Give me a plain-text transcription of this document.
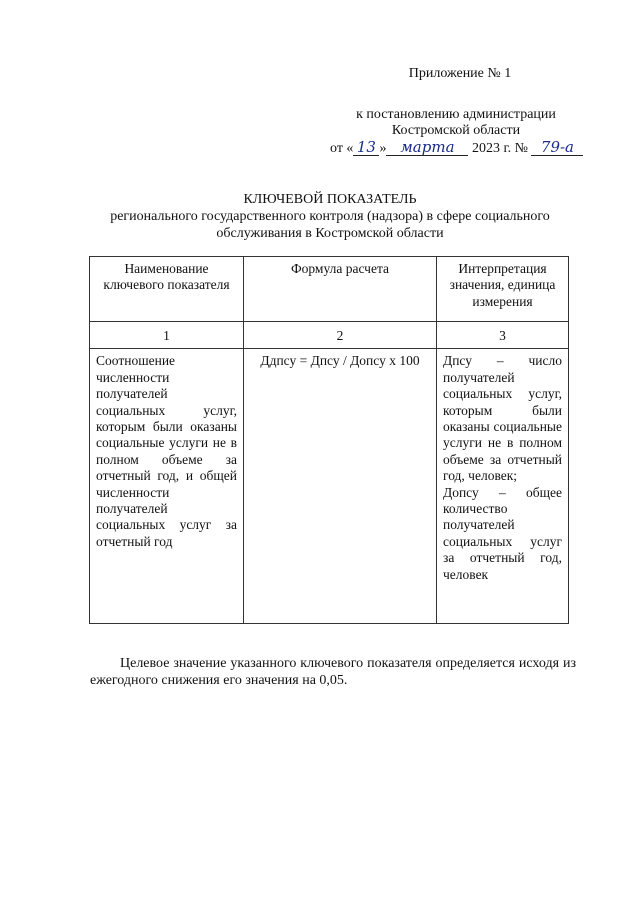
Приложение № 1
к постановлению администрации
Костромской области
от « 13 » марта 2023 г. № 79-а
КЛЮЧЕВОЙ ПОКАЗАТЕЛЬ
регионального государственного контроля (надзора) в сфере социального обслуживания в Костромской области
Наименование ключевого показателя	Формула расчета	Интерпретация значения, единица измерения
1	2	3
Соотношение численности получателей социальных услуг, которым были оказаны социальные услуги не в полном объеме за отчетный год, и общей численности получателей социальных услуг за отчетный год	Ддпсу = Дпсу / Допсу х 100	Дпсу – число получателей социальных услуг, которым были оказаны социальные услуги не в полном объеме за отчетный год, человек;
Допсу – общее количество получателей социальных услуг за отчетный год, человек
Целевое значение указанного ключевого показателя определяется исходя из ежегодного снижения его значения на 0,05.
